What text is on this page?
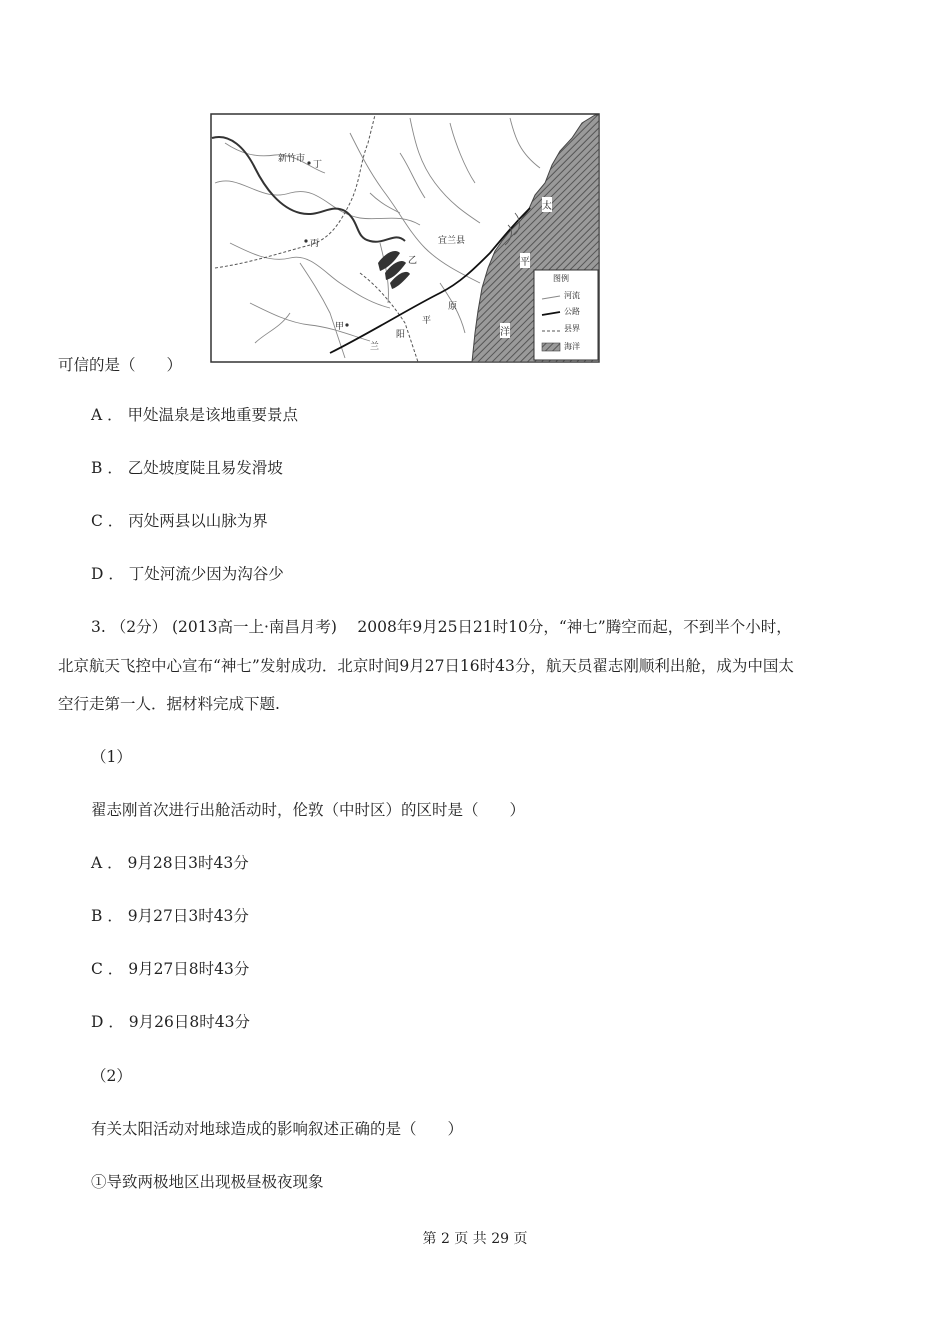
新竹市
丁
丙
乙
甲
宜兰县
太
平
洋
兰
阳
平
原
图例
河流
公路
县界
海洋
可信的是（　　）
A ． 甲处温泉是该地重要景点
B ． 乙处坡度陡且易发滑坡
C ． 丙处两县以山脉为界
D ． 丁处河流少因为沟谷少
3. （2分） (2013高一上·南昌月考)　 2008年9月25日21时10分，“神七”腾空而起，不到半个小时，
北京航天飞控中心宣布“神七”发射成功．北京时间9月27日16时43分，航天员翟志刚顺利出舱，成为中国太
空行走第一人．据材料完成下题.
（1）
翟志刚首次进行出舱活动时，伦敦（中时区）的区时是（　　）
A ． 9月28日3时43分
B ． 9月27日3时43分
C ． 9月27日8时43分
D ． 9月26日8时43分
（2）
有关太阳活动对地球造成的影响叙述正确的是（　　）
①导致两极地区出现极昼极夜现象
第 2 页 共 29 页
